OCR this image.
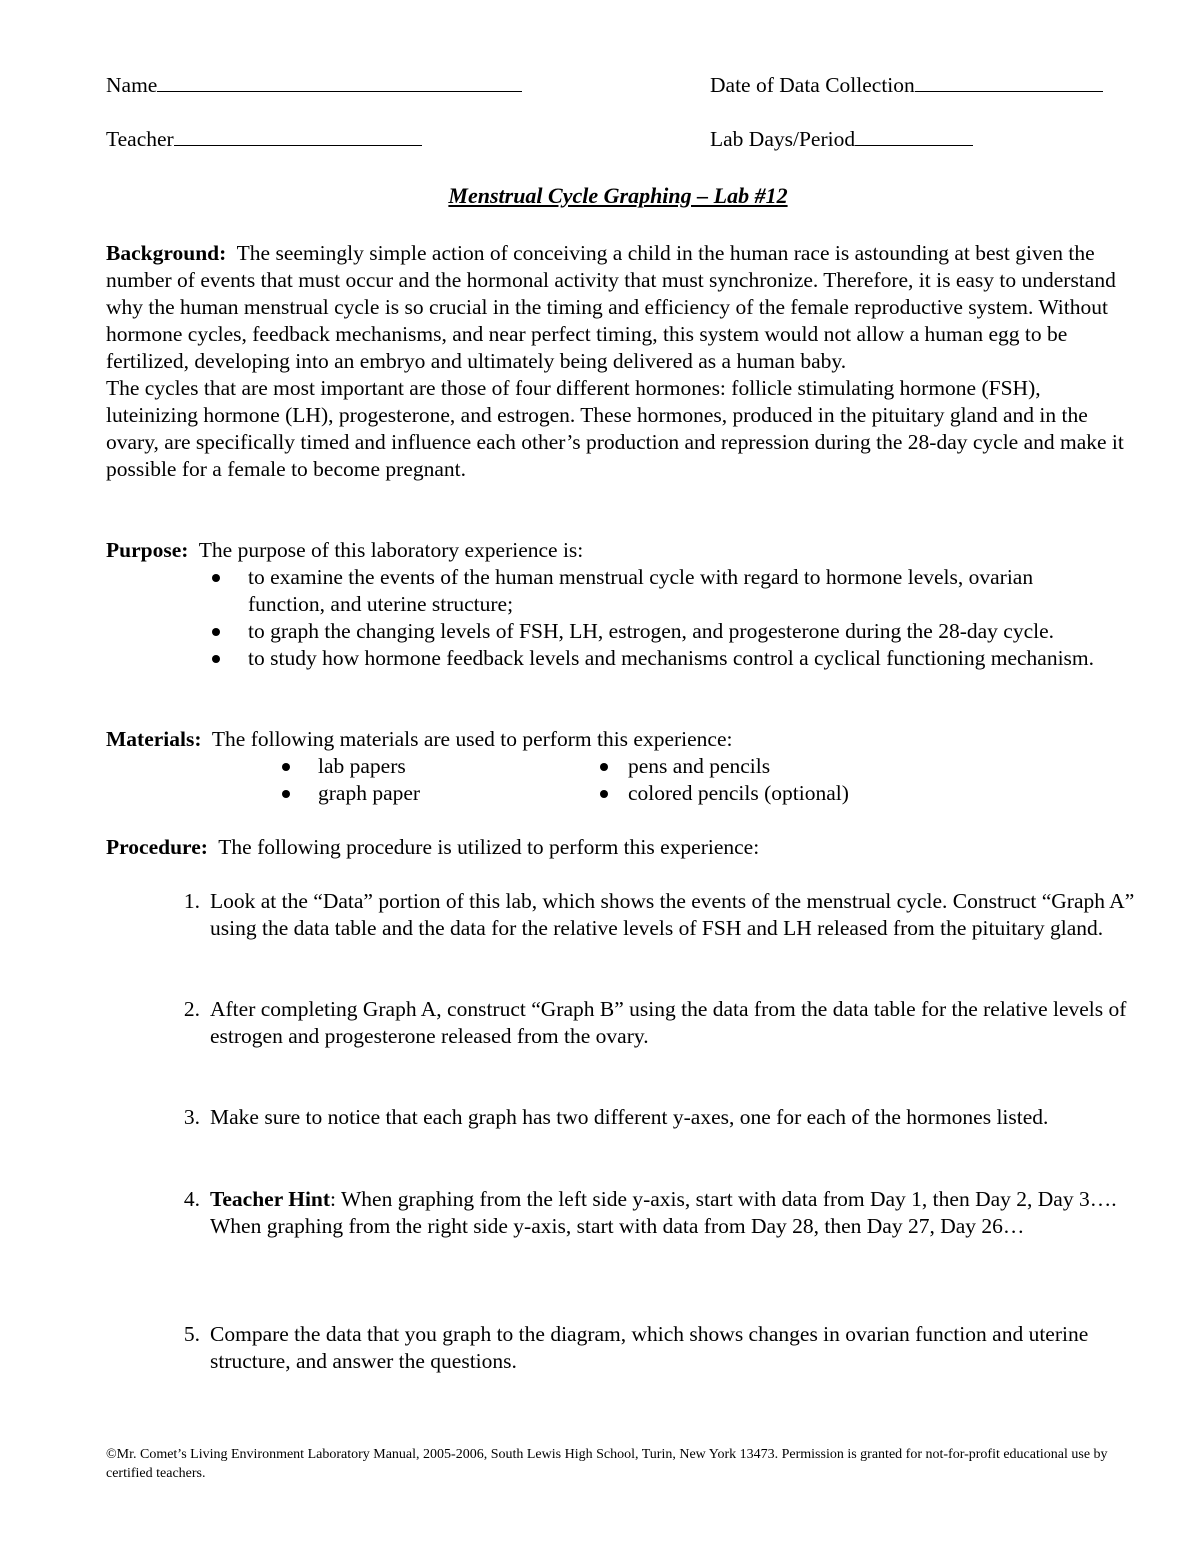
Name	Date of Data Collection
Teacher	Lab Days/Period
Menstrual Cycle Graphing – Lab #12
Background: The seemingly simple action of conceiving a child in the human race is astounding at best given the number of events that must occur and the hormonal activity that must synchronize. Therefore, it is easy to understand why the human menstrual cycle is so crucial in the timing and efficiency of the female reproductive system. Without hormone cycles, feedback mechanisms, and near perfect timing, this system would not allow a human egg to be fertilized, developing into an embryo and ultimately being delivered as a human baby.
The cycles that are most important are those of four different hormones: follicle stimulating hormone (FSH), luteinizing hormone (LH), progesterone, and estrogen. These hormones, produced in the pituitary gland and in the ovary, are specifically timed and influence each other’s production and repression during the 28-day cycle and make it possible for a female to become pregnant.
Purpose: The purpose of this laboratory experience is:
to examine the events of the human menstrual cycle with regard to hormone levels, ovarian function, and uterine structure;
to graph the changing levels of FSH, LH, estrogen, and progesterone during the 28-day cycle.
to study how hormone feedback levels and mechanisms control a cyclical functioning mechanism.
Materials: The following materials are used to perform this experience:
lab papers
graph paper
pens and pencils
colored pencils (optional)
Procedure: The following procedure is utilized to perform this experience:
1. Look at the “Data” portion of this lab, which shows the events of the menstrual cycle. Construct “Graph A” using the data table and the data for the relative levels of FSH and LH released from the pituitary gland.
2. After completing Graph A, construct “Graph B” using the data from the data table for the relative levels of estrogen and progesterone released from the ovary.
3. Make sure to notice that each graph has two different y-axes, one for each of the hormones listed.
4. Teacher Hint: When graphing from the left side y-axis, start with data from Day 1, then Day 2, Day 3…. When graphing from the right side y-axis, start with data from Day 28, then Day 27, Day 26…
5. Compare the data that you graph to the diagram, which shows changes in ovarian function and uterine structure, and answer the questions.
©Mr. Comet’s Living Environment Laboratory Manual, 2005-2006, South Lewis High School, Turin, New York 13473. Permission is granted for not-for-profit educational use by certified teachers.
